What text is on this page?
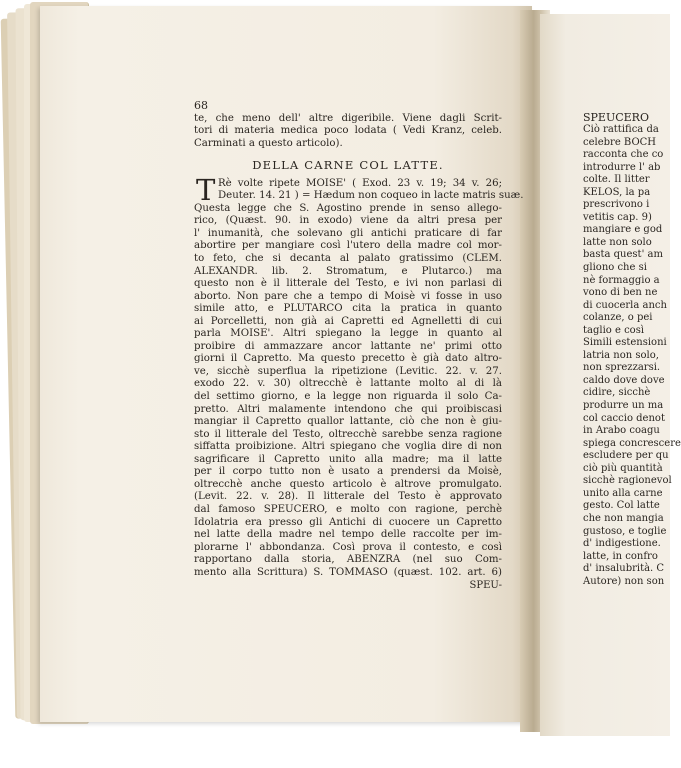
68
te, che meno dell' altre digeribile. Viene dagli Scrit-
tori di materia medica poco lodata ( Vedi Kranz, celeb.
Carminati a questo articolo).
DELLA CARNE COL LATTE.
T Rè volte ripete MOISE' ( Exod. 23 v. 19; 34 v. 26;
Deuter. 14. 21 ) = Hædum non coqueo in lacte matris suæ.
Questa legge che S. Agostino prende in senso allego-
rico, (Quæst. 90. in exodo) viene da altri presa per
l' inumanità, che solevano gli antichi praticare di far
abortire per mangiare così l'utero della madre col mor-
to feto, che si decanta al palato gratissimo (CLEM.
ALEXANDR. lib. 2. Stromatum, e Plutarco.) ma
questo non è il litterale del Testo, e ivi non parlasi di
aborto. Non pare che a tempo di Moisè vi fosse in uso
simile atto, e PLUTARCO cita la pratica in quanto
ai Porcelletti, non già ai Capretti ed Agnelletti di cui
parla MOISE'. Altri spiegano la legge in quanto al
proibire di ammazzare ancor lattante ne' primi otto
giorni il Capretto. Ma questo precetto è già dato altro-
ve, sicchè superflua la ripetizione (Levitic. 22. v. 27.
exodo 22. v. 30) oltrecchè è lattante molto al di là
del settimo giorno, e la legge non riguarda il solo Ca-
pretto. Altri malamente intendono che qui proibiscasi
mangiar il Capretto quallor lattante, ciò che non è giu-
sto il litterale del Testo, oltrecchè sarebbe senza ragione
siffatta proibizione. Altri spiegano che voglia dire di non
sagrificare il Capretto unito alla madre; ma il latte
per il corpo tutto non è usato a prendersi da Moisè,
oltrecchè anche questo articolo è altrove promulgato.
(Levit. 22. v. 28). Il litterale del Testo è approvato
dal famoso SPEUCERO, e molto con ragione, perchè
Idolatria era presso gli Antichi di cuocere un Capretto
nel latte della madre nel tempo delle raccolte per im-
plorarne l' abbondanza. Così prova il contesto, e così
rapportano dalla storia, ABENZRA (nel suo Com-
mento alla Scrittura) S. TOMMASO (quæst. 102. art. 6)
SPEU-
SPEUCERO
Ciò rattifica da
celebre BOCH
racconta che co
introdurre l' ab
colte. Il litter
KELOS, la pa
prescrivono i
vetitis cap. 9)
mangiare e god
latte non solo
basta quest' am
gliono che si
nè formaggio a
vono di ben ne
di cuocerla anch
colanze, o pei
taglio e così
Simili estensioni
latria non solo,
non sprezzarsi.
caldo dove dove
cidire, sicchè
produrre un ma
col caccio denot
in Arabo coagu
spiega concrescere
escludere per qu
ciò più quantità
sicchè ragionevol
unito alla carne
gesto. Col latte
che non mangia
gustoso, e toglie
d' indigestione.
latte, in confro
d' insalubrità. C
Autore) non son
